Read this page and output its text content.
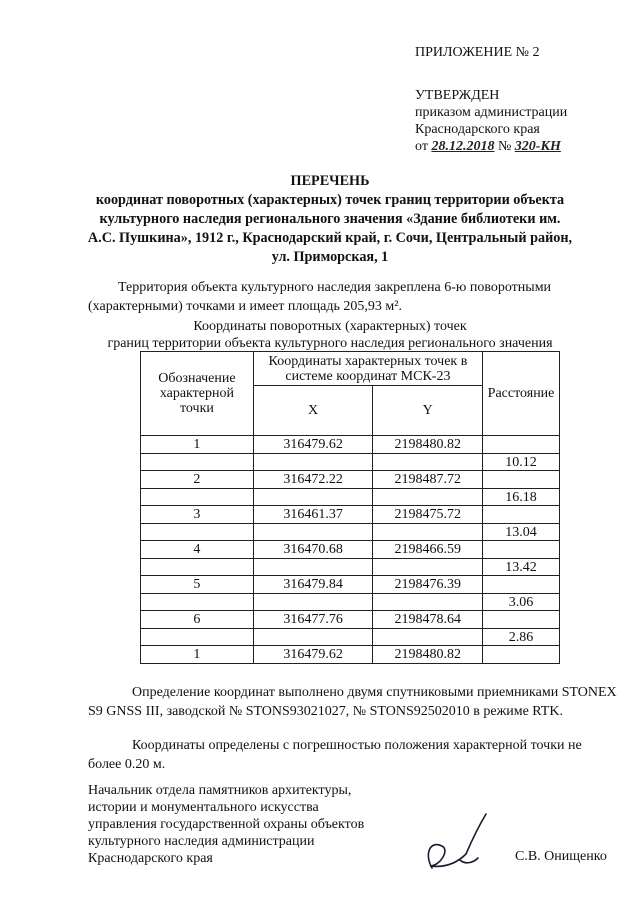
ПРИЛОЖЕНИЕ № 2
УТВЕРЖДЕН
приказом администрации
Краснодарского края
от 28.12.2018 № 320-КН
ПЕРЕЧЕНЬ
координат поворотных (характерных) точек границ территории объекта
культурного наследия регионального значения «Здание библиотеки им.
А.С. Пушкина», 1912 г., Краснодарский край, г. Сочи, Центральный район,
ул. Приморская, 1
Территория объекта культурного наследия закреплена 6-ю поворотными (характерными) точками и имеет площадь 205,93 м².
Координаты поворотных (характерных) точек
границ территории объекта культурного наследия регионального значения
Обозначение характерной точки	Координаты характерных точек в системе координат МСК-23		Расстояние
	X	Y	
1	316479.62	2198480.82	
			10.12
2	316472.22	2198487.72	
			16.18
3	316461.37	2198475.72	
			13.04
4	316470.68	2198466.59	
			13.42
5	316479.84	2198476.39	
			3.06
6	316477.76	2198478.64	
			2.86
1	316479.62	2198480.82	
Определение координат выполнено двумя спутниковыми приемниками STONEX S9 GNSS III, заводской № STONS93021027, № STONS92502010 в режиме RTK.
Координаты определены с погрешностью положения характерной точки не более 0.20 м.
Начальник отдела памятников архитектуры,
истории и монументального искусства
управления государственной охраны объектов
культурного наследия администрации
Краснодарского края	С.В. Онищенко
